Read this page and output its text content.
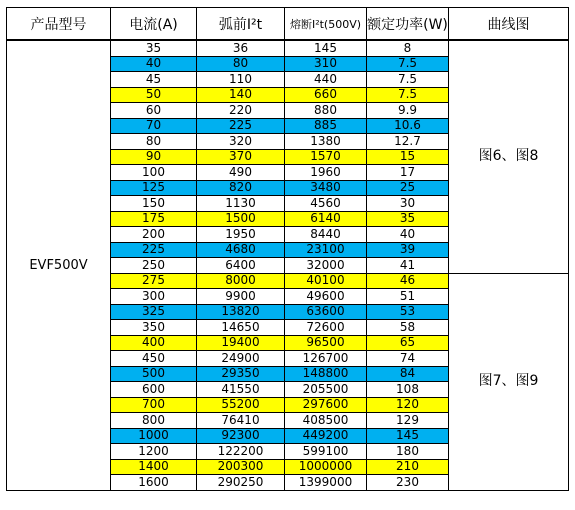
产品型号	电流(A)	弧前I²t	熔断I²t(500V)	额定功率(W)	曲线图
EVF500V	35	36	145	8	图6、图8
	40	80	310	7.5	
	45	110	440	7.5	
	50	140	660	7.5	
	60	220	880	9.9	
	70	225	885	10.6	
	80	320	1380	12.7	
	90	370	1570	15	
	100	490	1960	17	
	125	820	3480	25	
	150	1130	4560	30	
	175	1500	6140	35	
	200	1950	8440	40	
	225	4680	23100	39	
	250	6400	32000	41	
	275	8000	40100	46	图7、图9
	300	9900	49600	51	
	325	13820	63600	53	
	350	14650	72600	58	
	400	19400	96500	65	
	450	24900	126700	74	
	500	29350	148800	84	
	600	41550	205500	108	
	700	55200	297600	120	
	800	76410	408500	129	
	1000	92300	449200	145	
	1200	122200	599100	180	
	1400	200300	1000000	210	
	1600	290250	1399000	230	
